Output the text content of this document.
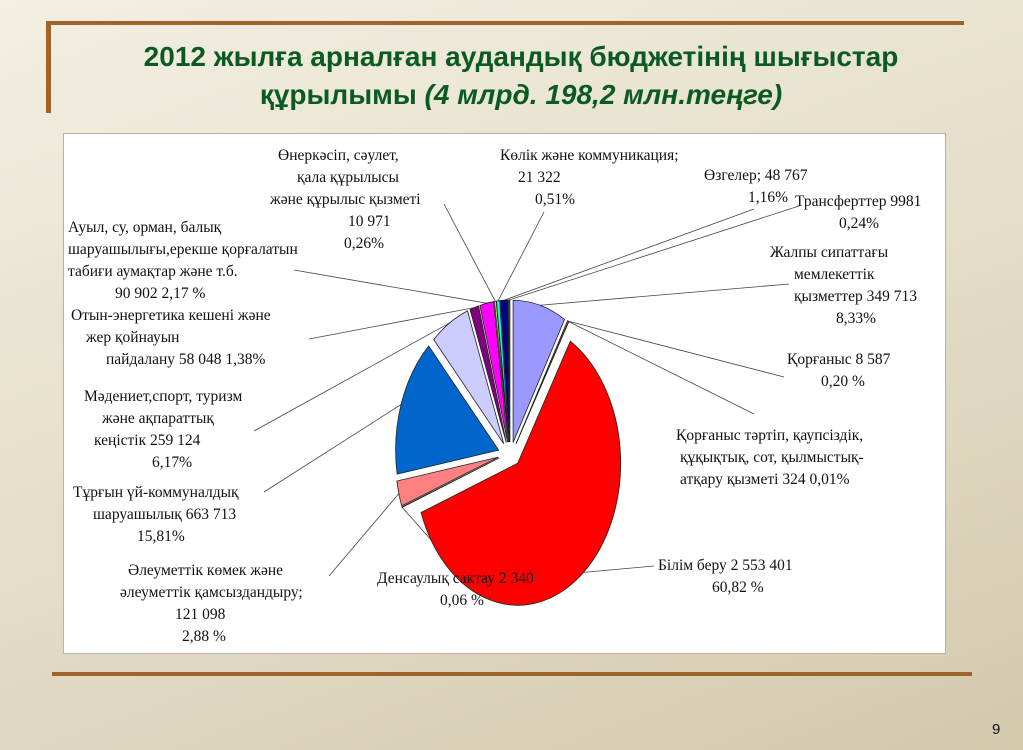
2012 жылға арналған аудандық бюджетінің шығыстар
құрылымы (4 млрд. 198,2 млн.теңге)
Жалпы сипаттағы
мемлекеттік
қызметтер 349 713
8,33%
Қорғаныс 8 587
0,20 %
Қорғаныс тәртіп, қаупсіздік,
құқықтық, сот, қылмыстық-
атқару қызметі 324 0,01%
Білім беру 2 553 401
60,82 %
Денсаулық сақтау 2 340
0,06 %
Әлеуметтік көмек және
әлеуметтік қамсыздандыру;
121 098
2,88 %
Тұрғын үй-коммуналдық
шаруашылық 663 713
15,81%
Мәдениет,спорт, туризм
және ақпараттық
кеңістік 259 124
6,17%
Отын-энергетика кешені және
жер қойнауын
пайдалану 58 048 1,38%
Ауыл, су, орман, балық
шаруашылығы,ерекше қорғалатын
табиғи аумақтар және т.б.
90 902 2,17 %
Өнеркәсіп, сәулет,
қала құрылысы
және құрылыс қызметі
10 971
0,26%
Көлік және коммуникация;
21 322
0,51%
Өзгелер; 48 767
1,16% Трансферттер 9981
0,24%
9
